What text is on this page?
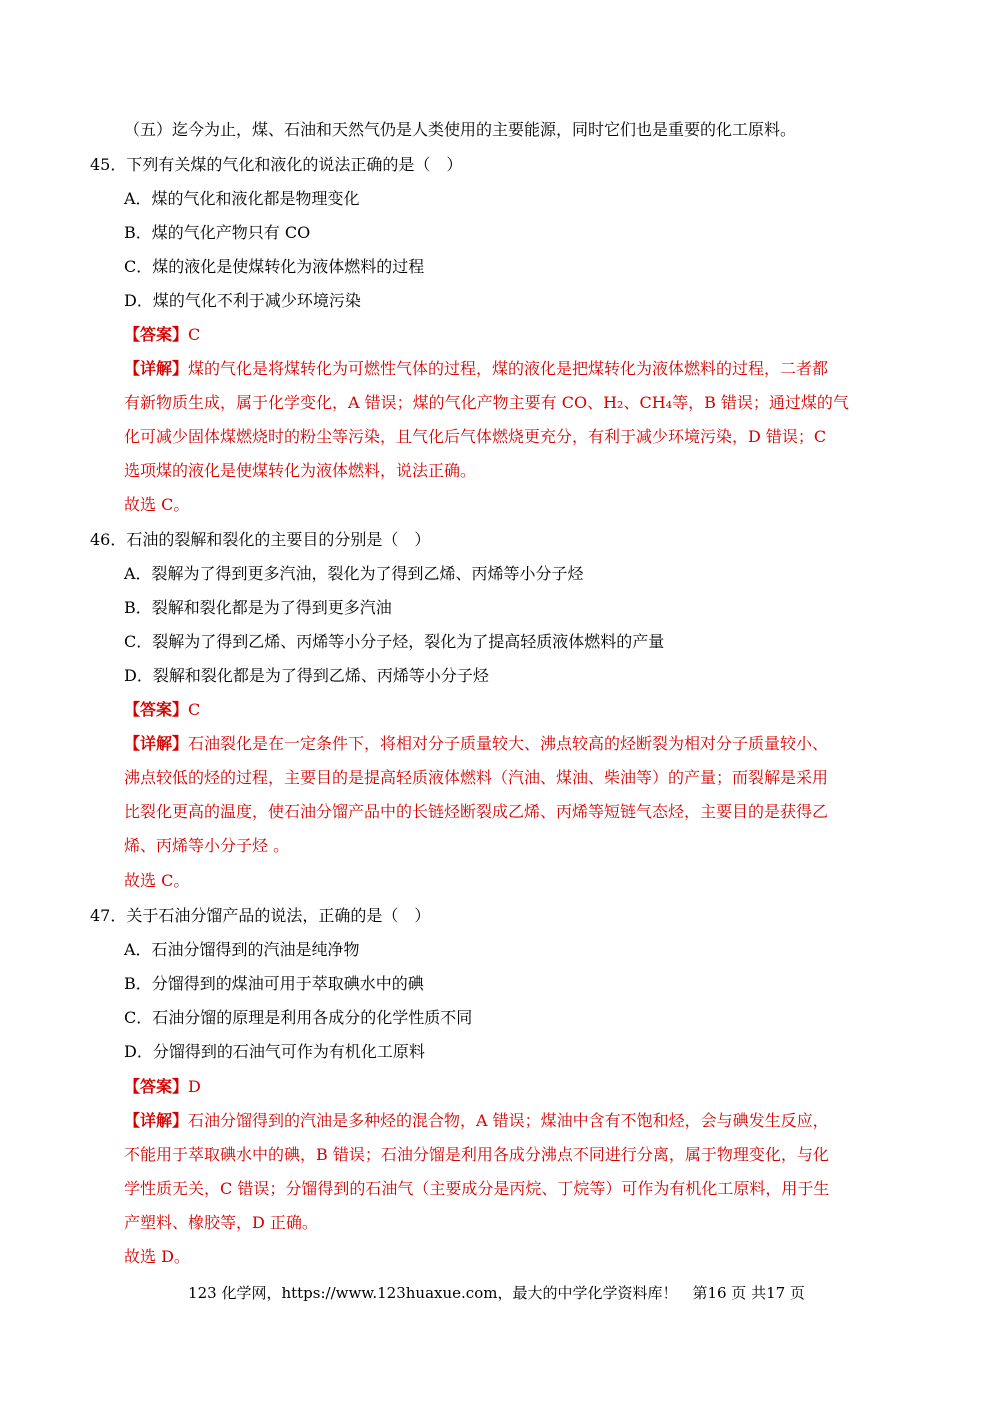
（五）迄今为止，煤、石油和天然气仍是人类使用的主要能源，同时它们也是重要的化工原料。
45．下列有关煤的气化和液化的说法正确的是（　）
A．煤的气化和液化都是物理变化
B．煤的气化产物只有 CO
C．煤的液化是使煤转化为液体燃料的过程
D．煤的气化不利于减少环境污染
【答案】C
【详解】煤的气化是将煤转化为可燃性气体的过程，煤的液化是把煤转化为液体燃料的过程，二者都
有新物质生成，属于化学变化，A 错误；煤的气化产物主要有 CO、H₂、CH₄等，B 错误；通过煤的气
化可减少固体煤燃烧时的粉尘等污染，且气化后气体燃烧更充分，有利于减少环境污染，D 错误；C
选项煤的液化是使煤转化为液体燃料，说法正确。
故选 C。
46．石油的裂解和裂化的主要目的分别是（　）
A．裂解为了得到更多汽油，裂化为了得到乙烯、丙烯等小分子烃
B．裂解和裂化都是为了得到更多汽油
C．裂解为了得到乙烯、丙烯等小分子烃，裂化为了提高轻质液体燃料的产量
D．裂解和裂化都是为了得到乙烯、丙烯等小分子烃
【答案】C
【详解】石油裂化是在一定条件下，将相对分子质量较大、沸点较高的烃断裂为相对分子质量较小、
沸点较低的烃的过程，主要目的是提高轻质液体燃料（汽油、煤油、柴油等）的产量；而裂解是采用
比裂化更高的温度，使石油分馏产品中的长链烃断裂成乙烯、丙烯等短链气态烃，主要目的是获得乙
烯、丙烯等小分子烃 。
故选 C。
47．关于石油分馏产品的说法，正确的是（　）
A．石油分馏得到的汽油是纯净物
B．分馏得到的煤油可用于萃取碘水中的碘
C．石油分馏的原理是利用各成分的化学性质不同
D．分馏得到的石油气可作为有机化工原料
【答案】D
【详解】石油分馏得到的汽油是多种烃的混合物，A 错误；煤油中含有不饱和烃，会与碘发生反应，
不能用于萃取碘水中的碘，B 错误；石油分馏是利用各成分沸点不同进行分离，属于物理变化，与化
学性质无关，C 错误；分馏得到的石油气（主要成分是丙烷、丁烷等）可作为有机化工原料，用于生
产塑料、橡胶等，D 正确。
故选 D。
123 化学网，https://www.123huaxue.com，最大的中学化学资料库！　第16 页 共17 页
